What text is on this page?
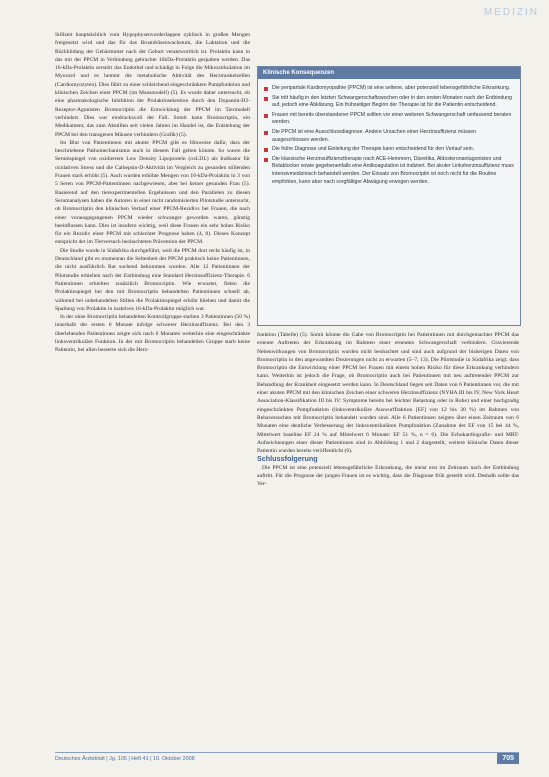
MEDIZIN

Stillzeit hauptsächlich vom Hypophysenvorderlappen zyklisch in großen Mengen freigesetzt wird und das für das Brustdrüsenwachstum, die Laktation und die Rückbildung der Gebärmutter nach der Geburt verantwortlich ist. Prolaktin kann in das mit der PPCM in Verbindung gebrachte 16kDa-Prolaktin gespalten werden. Das 16-kDa-Prolaktin zerstört das Endothel und schädigt in Folge die Mikrozirkulation im Myocard und es hemmt die metabolische Aktivität des Herzmuskelzellen (Cardiomyozyten). Dies führt zu einer schleichend eingeschränkten Pumpfunktion und klinischen Zeichen einer PPCM (im Mausmodell) (5). Es wurde daher untersucht, ob eine pharmakologische Inhibition der Prolaktinsekretion durch den Dopamin-D2-Rezeptor-Agonisten Bromocriptin die Entwicklung der PPCM im Tiermodell verhindert. Dies war eindrucksvoll der Fall. Somit kann Bromocriptin, ein Medikament, das zum Abstillen seit vielen Jahren im Handel ist, die Entstehung der PPCM bei den transgenen Mäusen verhindern (Grafik) (5).

Im Blut von Patientinnen mit akuter PPCM gibt es Hinweise dafür, dass der beschriebene Pathomechanismus auch in diesem Fall gelten könnte. So waren die Serumspiegel von oxidiertem Low Density Lipoprotein (oxLDL) als Indikator für oxidativen Stress und die Cathepsin-D-Aktivität im Vergleich zu gesunden stillenden Frauen stark erhöht (5). Auch wurden erhöhte Mengen von 16-kDa-Prolaktin in 3 von 5 Seren von PPCM-Patientinnen nachgewiesen, aber bei keiner gesunden Frau (5). Basierend auf den tierexperimentellen Ergebnissen und den Parallelen zu diesen Serumanalysen haben die Autoren in einer nicht randomisierten Pilotstudie untersucht, ob Bromocriptin den klinischen Verlauf einer PPCM-Rezidivs bei Frauen, die nach einer vorausgegangenen PPCM wieder schwanger geworden waren, günstig beeinflussen kann. Dies ist insofern wichtig, weil diese Frauen ein sehr hohes Risiko für ein Rezidiv einer PPCM mit schlechter Prognose haben (4, 8). Dieses Konzept entspricht der im Tierversuch beobachteten Prävention der PPCM.

Die Studie wurde in Südafrika durchgeführt, weil die PPCM dort recht häufig ist, in Deutschland gibt es momentan die Seltenheit der PPCM praktisch keine Patientinnen, die nicht ausführlich Rat suchend bekommen wurden. Alle 12 Patientinnen der Pilotstudie erhielten nach der Entbindung eine Standard Herzinsuffizienz-Therapie. 6 Patientinnen erhielten zusätzlich Bromocriptin. Wie erwartet, fielen die Prolaktinspiegel bei den mit Bromocriptin behandelten Patientinnen schnell ab, während bei unbehandelten Stillen die Prolaktinspiegel erhöht blieben und damit die Spaltung von Prolaktin in inaktives 16-kDa-Prolaktin möglich war.

In der ohne Bromocriptin behandelten Kontrollgruppe starben 3 Patientinnen (50 %) innerhalb der ersten 6 Monate infolge schwerer Herzinsuffizienz. Bei den 3 überlebenden Patientinnen zeigte sich nach 6 Monaten weiterhin eine eingeschränkte linksventrikuläre Funktion. In der mit Bromocriptin behandelten Gruppe starb keine Patientin, bei allen besserte sich die Herz-

Klinische Konsequenzen
Die peripartale Kardiomyopathie (PPCM) ist eine seltene, aber potenziell lebensgefährliche Erkrankung.
Sie tritt häufig in den letzten Schwangerschaftswochen oder in den ersten Monaten nach der Entbindung auf, jedoch eine Abklärung. Ein frühzeitiger Beginn der Therapie ist für die Patientin entscheidend.
Frauen mit bereits überstandener PPCM sollten vor einer weiteren Schwangerschaft umfassend beraten werden.
Die PPCM ist eine Ausschlussdiagnose. Andere Ursachen einer Herzinsuffizienz müssen ausgeschlossen werden.
Die frühe Diagnose und Einleitung der Therapie kann entscheidend für den Verlauf sein.
Die klassische Herzinsuffizienztherapie nach ACE-Hemmern, Diuretika, Aldosteronantagonisten und Betablocker sowie gegebenenfalls eine Antikoagulation ist indiziert. Bei akuter Linksherzinsuffizienz muss intensivmedizinisch behandelt werden. Der Einsatz von Bromocriptin ist noch nicht für die Routine empfohlen, kann aber nach sorgfältiger Abwägung erwogen werden.

funktion (Tabelle) (5). Somit könnte die Gabe von Bromocriptin bei Patientinnen mit durchgemachter PPCM das erneute Auftreten der Erkrankung im Rahmen einer erneuten Schwangerschaft verhindern. Gravierende Nebenwirkungen von Bromocriptin wurden nicht beobachtet und sind auch aufgrund der bisherigen Daten von Bromocriptin in den angewandten Dosierungen nicht zu erwarten (5–7, 13). Die Pilotstudie in Südafrika zeigt, dass Bromocriptin die Entwicklung einer PPCM bei Frauen mit einem hohen Risiko für diese Erkrankung verhindern kann. Weiterhin ist jedoch die Frage, ob Bromocriptin auch bei Patientinnen mit neu auftretender PPCM zur Behandlung der Krankheit eingesetzt werden kann. In Deutschland liegen seit Daten von 6 Patientinnen vor, die mit einer akuten PPCM mit den klinischen Zeichen einer schweren Herzinsuffizienz (NYHA III bis IV, New York Heart Association-Klassifikation III bis IV: Symptome bereits bei leichter Belastung oder in Ruhe) und einer hochgradig eingeschränkten Pumpfunktion (linksventrikuläre Auswurffraktion [EF] von 12 bis 30 %) im Rahmen von Rehaversuchen mit Bromocriptin behandelt wurden sind. Alle 6 Patientinnen zeigten über einen Zeitraum von 6 Monaten eine deutliche Verbesserung der linksventrikulären Pumpfunktion (Zunahme der EF von 15 bei 44 %, Mittelwert baseline EF 24 % auf Mittelwert 6 Monate: EF 51 %, n = 6). Die Echokardiografie- und MRT-Aufzeichnungen einer dieser Patientinnen sind in Abbildung 1 und 2 dargestellt, weitere klinische Daten dieser Patientin wurden bereits veröffentlicht (6).

Schlussfolgerung

Die PPCM ist eine potenziell lebensgefährliche Erkrankung, die meist erst im Zeitraum nach der Entbindung auftritt. Für die Prognose der jungen Frauen ist es wichtig, dass die Diagnose früh gestellt wird. Deshalb sollte das Ver-

Deutsches Ärzteblatt | Jg. 105 | Heft 41 | 10. Oktober 2008	705
